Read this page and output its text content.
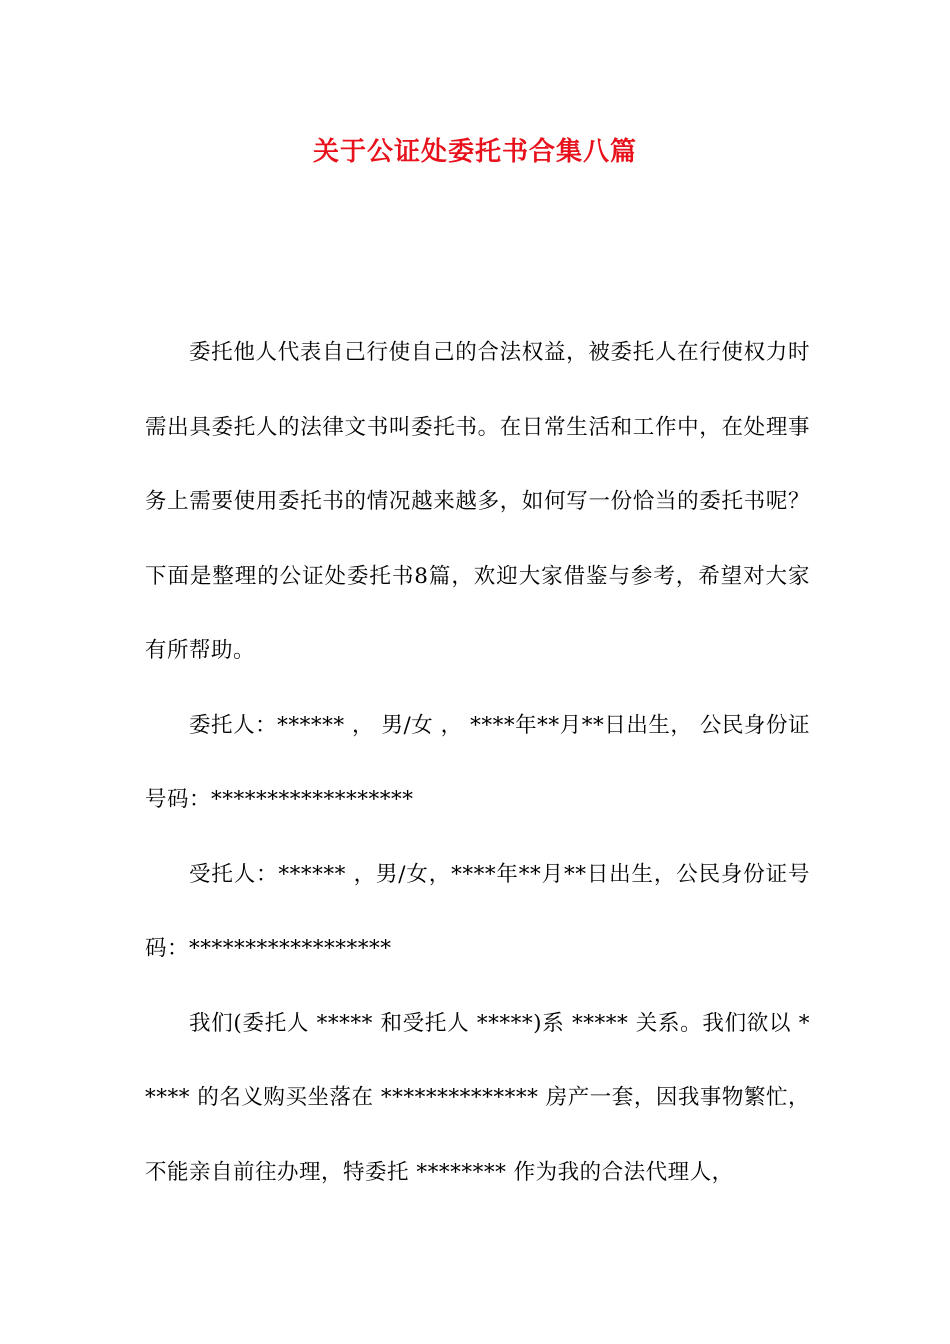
关于公证处委托书合集八篇

委托他人代表自己行使自己的合法权益，被委托人在行使权力时需出具委托人的法律文书叫委托书。在日常生活和工作中，在处理事务上需要使用委托书的情况越来越多，如何写一份恰当的委托书呢？下面是整理的公证处委托书8篇，欢迎大家借鉴与参考，希望对大家有所帮助。

委托人：****** ， 男/女 ， ****年**月**日出生， 公民身份证号码：******************

受托人：****** ，男/女，****年**月**日出生，公民身份证号码：******************

我们(委托人 ***** 和受托人 *****)系 ***** 关系。我们欲以 ***** 的名义购买坐落在 ************** 房产一套，因我事物繁忙，不能亲自前往办理，特委托 ******** 作为我的合法代理人，
